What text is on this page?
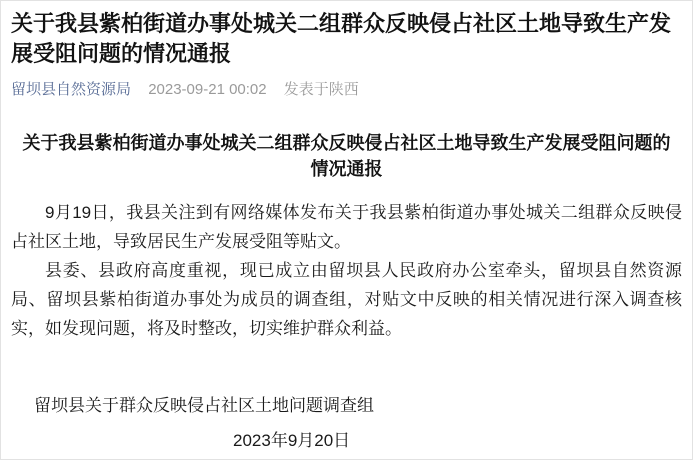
关于我县紫柏街道办事处城关二组群众反映侵占社区土地导致生产发展受阻问题的情况通报
留坝县自然资源局 2023-09-21 00:02 发表于陕西
关于我县紫柏街道办事处城关二组群众反映侵占社区土地导致生产发展受阻问题的情况通报

9月19日，我县关注到有网络媒体发布关于我县紫柏街道办事处城关二组群众反映侵占社区土地，导致居民生产发展受阻等贴文。

县委、县政府高度重视，现已成立由留坝县人民政府办公室牵头，留坝县自然资源局、留坝县紫柏街道办事处为成员的调查组，对贴文中反映的相关情况进行深入调查核实，如发现问题，将及时整改，切实维护群众利益。

留坝县关于群众反映侵占社区土地问题调查组

2023年9月20日
